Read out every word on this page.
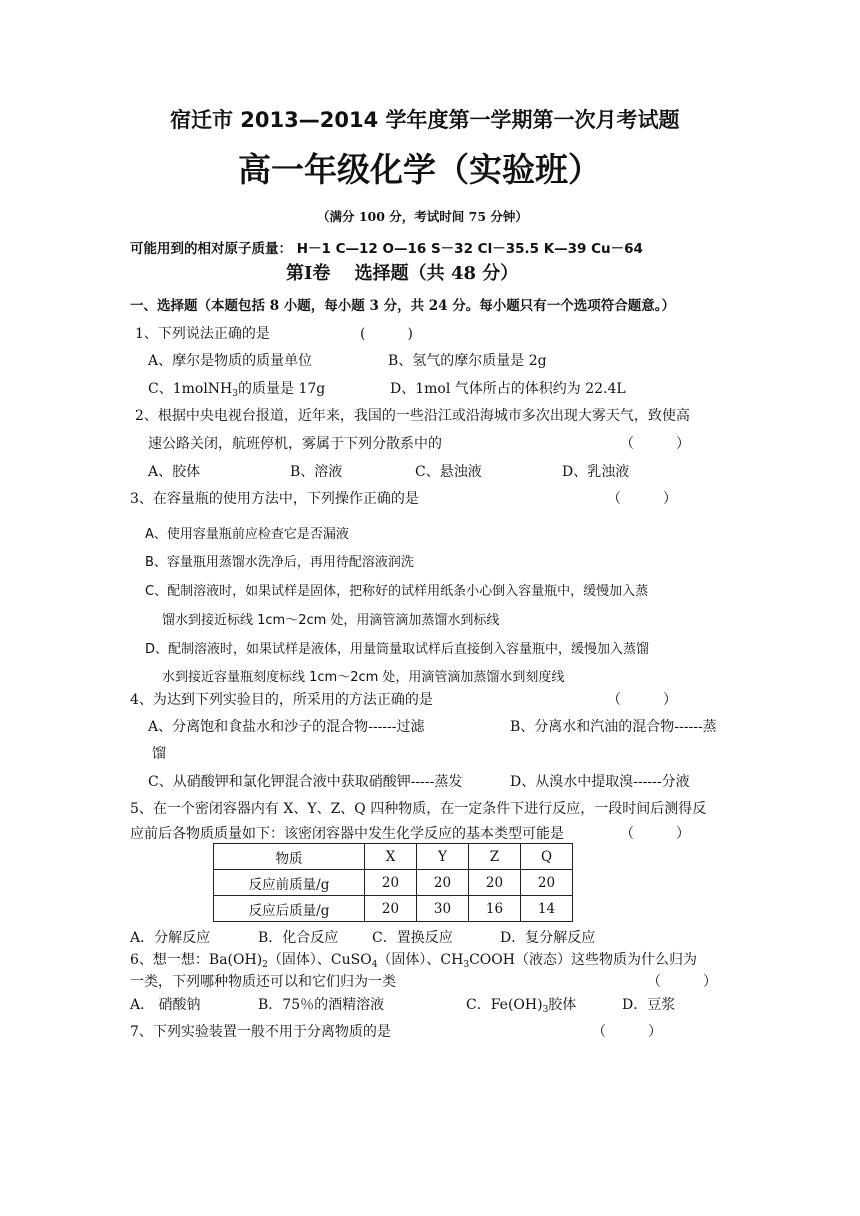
宿迁市 2013—2014 学年度第一学期第一次月考试题
高一年级化学（实验班）
（满分 100 分，考试时间 75 分钟）
可能用到的相对原子质量： H－1 C—12 O—16 S－32 Cl－35.5 K—39 Cu－64
第Ⅰ卷　 选择题（共 48 分）
一、选择题（本题包括 8 小题，每小题 3 分，共 24 分。每小题只有一个选项符合题意。）
1、下列说法正确的是	(　　　)
A、摩尔是物质的质量单位	B、氢气的摩尔质量是 2g
C、1molNH$_3$的质量是 17g	D、1mol 气体所占的体积约为 22.4L
2、根据中央电视台报道，近年来，我国的一些沿江或沿海城市多次出现大雾天气，致使高
速公路关闭，航班停机，雾属于下列分散系中的	（　　　）
A、胶体	B、溶液	C、悬浊液	D、乳浊液
3、在容量瓶的使用方法中，下列操作正确的是	（　　　）
A、使用容量瓶前应检查它是否漏液
B、容量瓶用蒸馏水洗净后，再用待配溶液润洗
C、配制溶液时，如果试样是固体，把称好的试样用纸条小心倒入容量瓶中，缓慢加入蒸
馏水到接近标线 1cm～2cm 处，用滴管滴加蒸馏水到标线
D、配制溶液时，如果试样是液体，用量筒量取试样后直接倒入容量瓶中，缓慢加入蒸馏
水到接近容量瓶刻度标线 1cm～2cm 处，用滴管滴加蒸馏水到刻度线
4、为达到下列实验目的，所采用的方法正确的是	（　　　）
A、分离饱和食盐水和沙子的混合物------过滤	B、分离水和汽油的混合物------蒸
馏
C、从硝酸钾和氯化钾混合液中获取硝酸钾-----蒸发	D、从溴水中提取溴------分液
5、在一个密闭容器内有 X、Y、Z、Q 四种物质，在一定条件下进行反应，一段时间后测得反
应前后各物质质量如下：该密闭容器中发生化学反应的基本类型可能是	（　　　）
物质	X	Y	Z	Q
反应前质量/g	20	20	20	20
反应后质量/g	20	30	16	14
A．分解反应	B．化合反应 C．置换反应	D．复分解反应
6、想一想：$Ba(OH)_2$（固体）、CuSO$_4$（固体）、$CH_3COOH$（液态）这些物质为什么归为
一类，下列哪种物质还可以和它们归为一类	（　　　）
A． 硝酸钠	B．75％的酒精溶液	C．$Fe(OH)_3$胶体	D．豆浆
7、下列实验装置一般不用于分离物质的是	（　　　）
